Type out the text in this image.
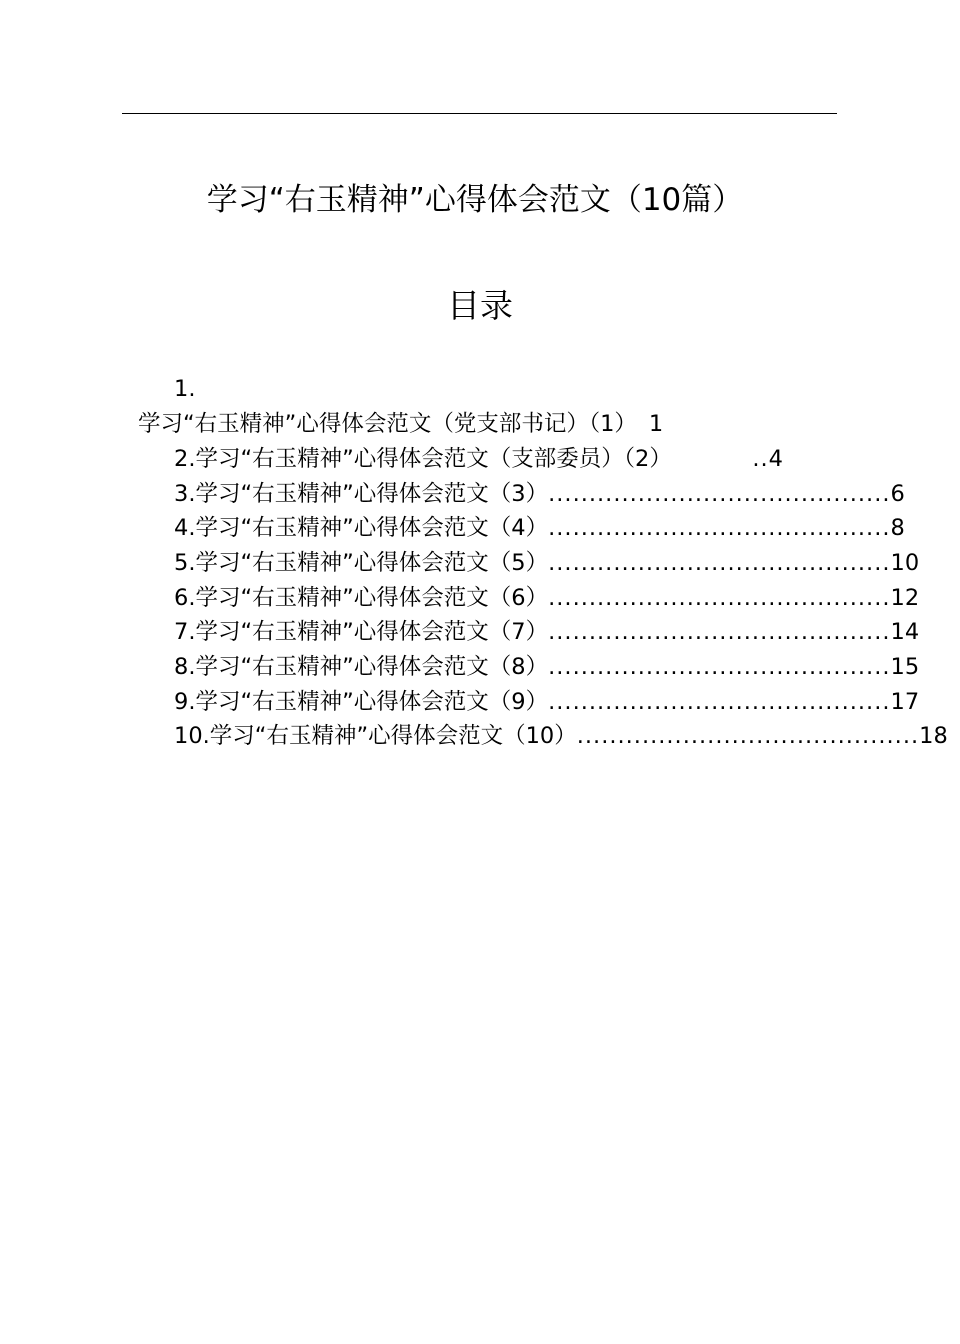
学习“右玉精神”心得体会范文（10篇）
目录
1.
学习“右玉精神”心得体会范文（党支部书记）（1） 1
2.学习“右玉精神”心得体会范文（支部委员）（2）	.. 4
3.学习“右玉精神”心得体会范文（3） .......................................... 6
4.学习“右玉精神”心得体会范文（4） .......................................... 8
5.学习“右玉精神”心得体会范文（5） .......................................... 10
6.学习“右玉精神”心得体会范文（6） .......................................... 12
7.学习“右玉精神”心得体会范文（7） .......................................... 14
8.学习“右玉精神”心得体会范文（8） .......................................... 15
9.学习“右玉精神”心得体会范文（9） .......................................... 17
10.学习“右玉精神”心得体会范文（10） .......................................... 18
